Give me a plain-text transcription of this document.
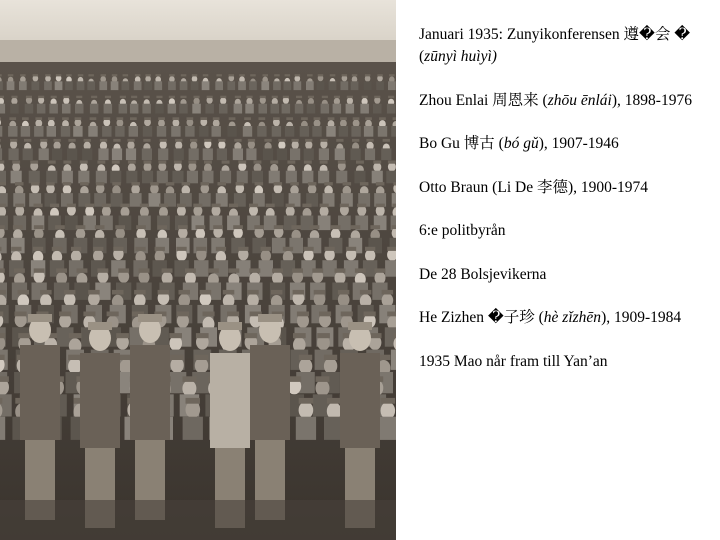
Januari 1935: Zunyikonferensen 遵�会 � (zūnyì huìyì)
Zhou Enlai 周恩来 (zhōu ēnlái), 1898-1976
Bo Gu 博古 (bó gǔ), 1907-1946
Otto Braun (Li De 李德), 1900-1974
6:e politbyrån
De 28 Bolsjevikerna
He Zizhen �子珍 (hè zǐzhēn), 1909-1984
1935 Mao når fram till Yan’an
